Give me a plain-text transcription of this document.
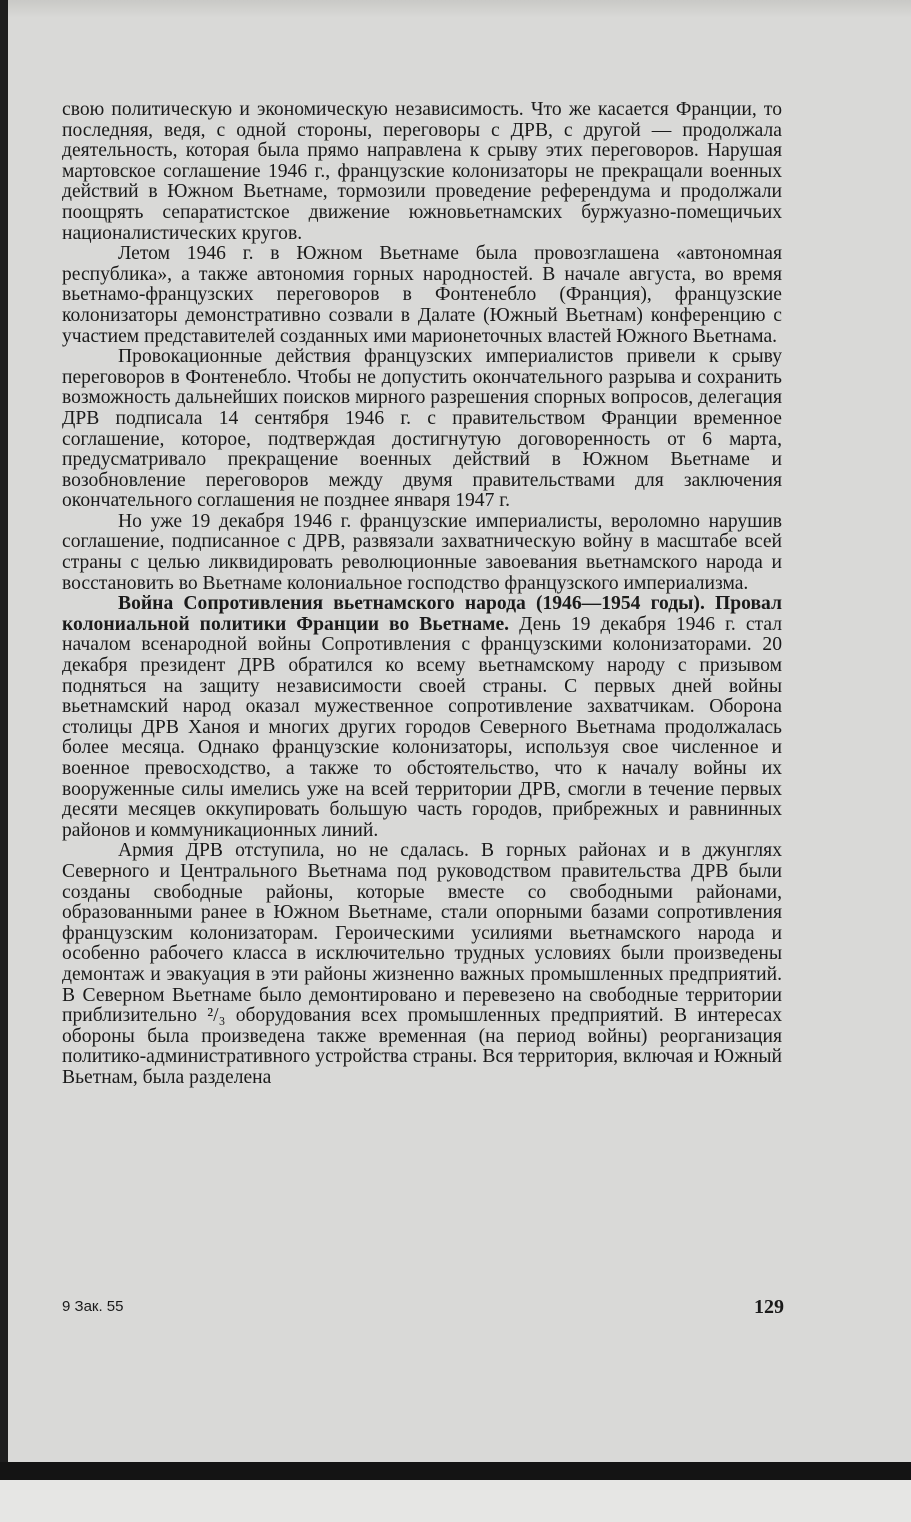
свою политическую и экономическую независимость. Что же касается Франции, то последняя, ведя, с одной стороны, переговоры с ДРВ, с другой — продолжала деятельность, которая была прямо направлена к срыву этих переговоров. Нарушая мартовское соглашение 1946 г., французские колонизаторы не прекращали военных действий в Южном Вьетнаме, тормозили проведение референдума и продолжали поощрять сепаратистское движение южновьетнамских буржуазно-помещичьих националистических кругов.

Летом 1946 г. в Южном Вьетнаме была провозглашена «автономная республика», а также автономия горных народностей. В начале августа, во время вьетнамо-французских переговоров в Фонтенебло (Франция), французские колонизаторы демонстративно созвали в Далате (Южный Вьетнам) конференцию с участием представителей созданных ими марионеточных властей Южного Вьетнама.

Провокационные действия французских империалистов привели к срыву переговоров в Фонтенебло. Чтобы не допустить окончательного разрыва и сохранить возможность дальнейших поисков мирного разрешения спорных вопросов, делегация ДРВ подписала 14 сентября 1946 г. с правительством Франции временное соглашение, которое, подтверждая достигнутую договоренность от 6 марта, предусматривало прекращение военных действий в Южном Вьетнаме и возобновление переговоров между двумя правительствами для заключения окончательного соглашения не позднее января 1947 г.

Но уже 19 декабря 1946 г. французские империалисты, вероломно нарушив соглашение, подписанное с ДРВ, развязали захватническую войну в масштабе всей страны с целью ликвидировать революционные завоевания вьетнамского народа и восстановить во Вьетнаме колониальное господство французского империализма.

Война Сопротивления вьетнамского народа (1946—1954 годы). Провал колониальной политики Франции во Вьетнаме. День 19 декабря 1946 г. стал началом всенародной войны Сопротивления с французскими колонизаторами. 20 декабря президент ДРВ обратился ко всему вьетнамскому народу с призывом подняться на защиту независимости своей страны. С первых дней войны вьетнамский народ оказал мужественное сопротивление захватчикам. Оборона столицы ДРВ Ханоя и многих других городов Северного Вьетнама продолжалась более месяца. Однако французские колонизаторы, используя свое численное и военное превосходство, а также то обстоятельство, что к началу войны их вооруженные силы имелись уже на всей территории ДРВ, смогли в течение первых десяти месяцев оккупировать большую часть городов, прибрежных и равнинных районов и коммуникационных линий.

Армия ДРВ отступила, но не сдалась. В горных районах и в джунглях Северного и Центрального Вьетнама под руководством правительства ДРВ были созданы свободные районы, которые вместе со свободными районами, образованными ранее в Южном Вьетнаме, стали опорными базами сопротивления французским колонизаторам. Героическими усилиями вьетнамского народа и особенно рабочего класса в исключительно трудных условиях были произведены демонтаж и эвакуация в эти районы жизненно важных промышленных предприятий. В Северном Вьетнаме было демонтировано и перевезено на свободные территории приблизительно ²/₃ оборудования всех промышленных предприятий. В интересах обороны была произведена также временная (на период войны) реорганизация политико-административного устройства страны. Вся территория, включая и Южный Вьетнам, была разделена

9 Зак. 55	129
